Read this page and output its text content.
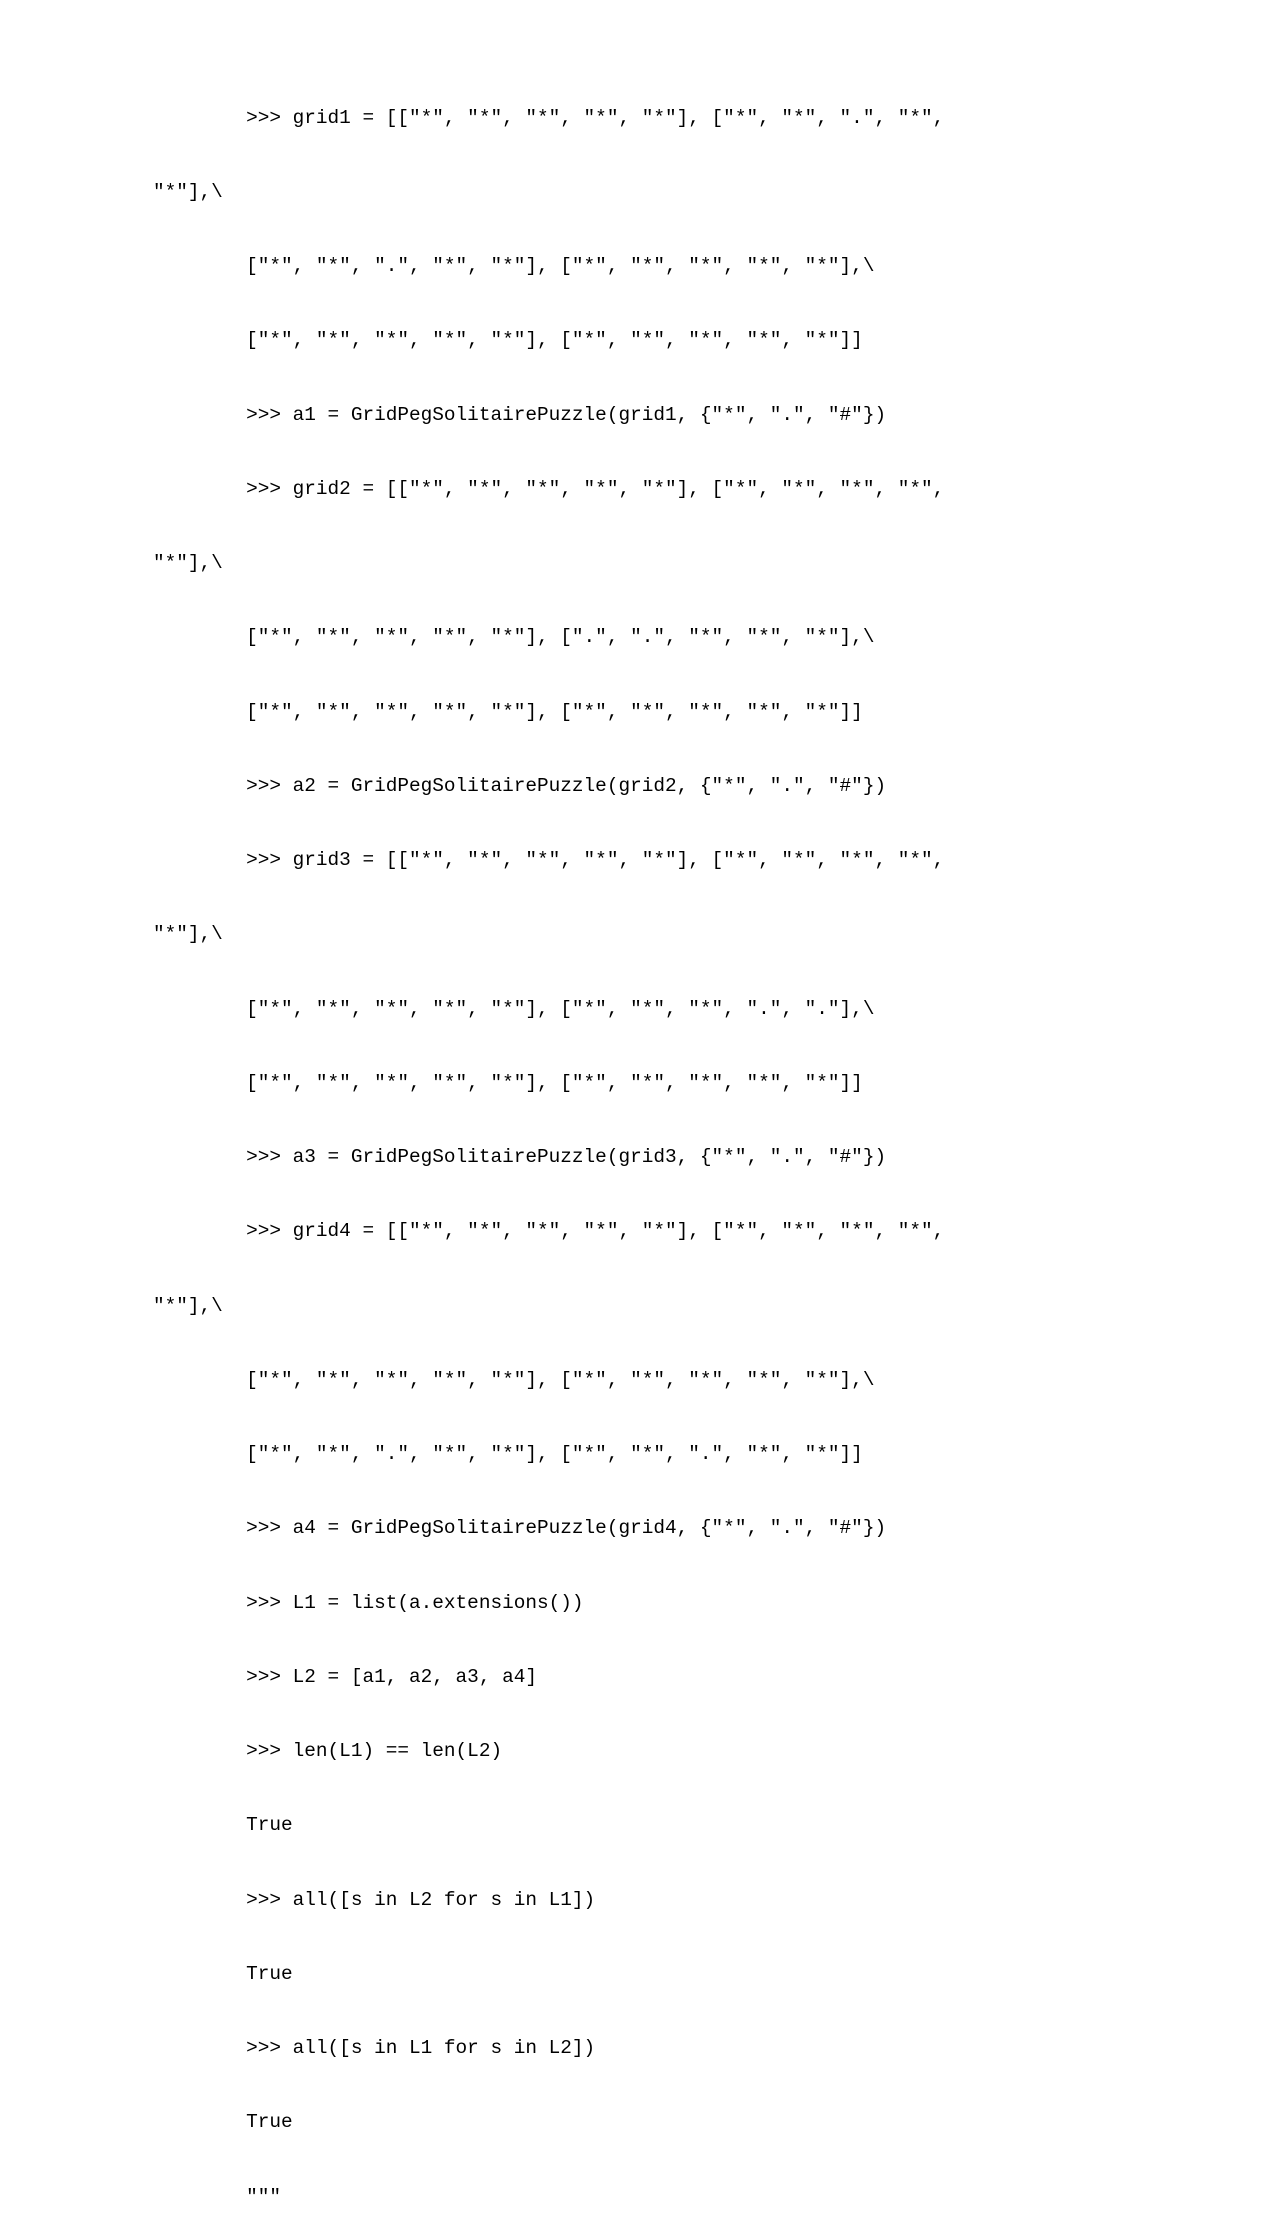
>>> grid1 = [["*", "*", "*", "*", "*"], ["*", "*", ".", "*",

"*"],\

["*", "*", ".", "*", "*"], ["*", "*", "*", "*", "*"],\

["*", "*", "*", "*", "*"], ["*", "*", "*", "*", "*"]]

>>> a1 = GridPegSolitairePuzzle(grid1, {"*", ".", "#"})

>>> grid2 = [["*", "*", "*", "*", "*"], ["*", "*", "*", "*",

"*"],\

["*", "*", "*", "*", "*"], [".", ".", "*", "*", "*"],\

["*", "*", "*", "*", "*"], ["*", "*", "*", "*", "*"]]

>>> a2 = GridPegSolitairePuzzle(grid2, {"*", ".", "#"})

>>> grid3 = [["*", "*", "*", "*", "*"], ["*", "*", "*", "*",

"*"],\

["*", "*", "*", "*", "*"], ["*", "*", "*", ".", "."],\

["*", "*", "*", "*", "*"], ["*", "*", "*", "*", "*"]]

>>> a3 = GridPegSolitairePuzzle(grid3, {"*", ".", "#"})

>>> grid4 = [["*", "*", "*", "*", "*"], ["*", "*", "*", "*",

"*"],\

["*", "*", "*", "*", "*"], ["*", "*", "*", "*", "*"],\

["*", "*", ".", "*", "*"], ["*", "*", ".", "*", "*"]]

>>> a4 = GridPegSolitairePuzzle(grid4, {"*", ".", "#"})

>>> L1 = list(a.extensions())

>>> L2 = [a1, a2, a3, a4]

>>> len(L1) == len(L2)

True

>>> all([s in L2 for s in L1])

True

>>> all([s in L1 for s in L2])

True

"""
